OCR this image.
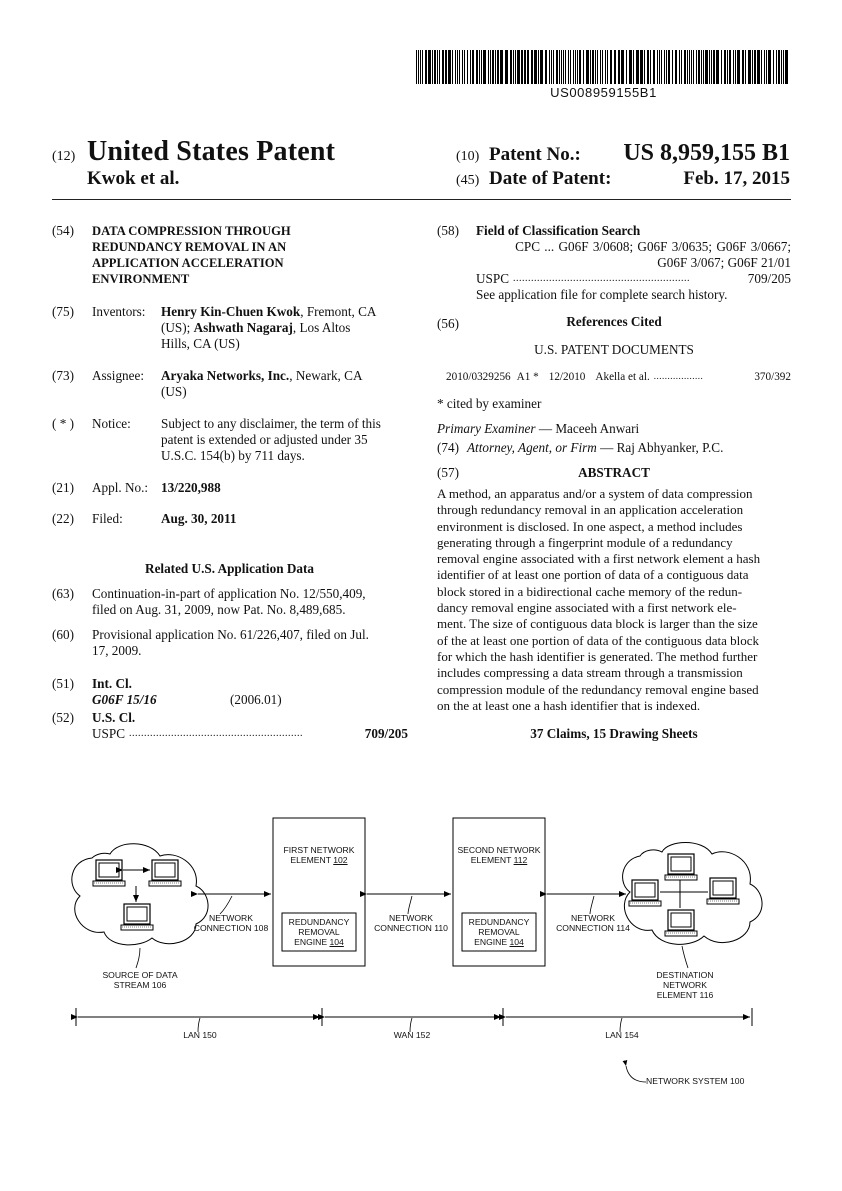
US008959155B1
(12) United States Patent
Kwok et al.
(10) Patent No.: US 8,959,155 B1
(45) Date of Patent:	Feb. 17, 2015
(54) DATA COMPRESSION THROUGH
REDUNDANCY REMOVAL IN AN
APPLICATION ACCELERATION
ENVIRONMENT
(75) Inventors: Henry Kin-Chuen Kwok, Fremont, CA
(US); Ashwath Nagaraj, Los Altos
Hills, CA (US)
(73) Assignee: Aryaka Networks, Inc., Newark, CA
(US)
( * ) Notice: Subject to any disclaimer, the term of this
patent is extended or adjusted under 35
U.S.C. 154(b) by 711 days.
(21) Appl. No.: 13/220,988
(22) Filed:	Aug. 30, 2011
Related U.S. Application Data
(63) Continuation-in-part of application No. 12/550,409,
filed on Aug. 31, 2009, now Pat. No. 8,489,685.
(60) Provisional application No. 61/226,407, filed on Jul.
17, 2009.
(51) Int. Cl.
G06F 15/16	(2006.01)
(52) U.S. Cl.
USPC ..........................................................	709/205
(58) Field of Classification Search
CPC ... G06F 3/0608; G06F 3/0635; G06F 3/0667;
G06F 3/067; G06F 21/01
USPC ...........................................................	709/205
See application file for complete search history.
(56)	References Cited
U.S. PATENT DOCUMENTS
2010/0329256 A1 * 12/2010 Akella et al. ..................	370/392
* cited by examiner
Primary Examiner — Maceeh Anwari
(74) Attorney, Agent, or Firm — Raj Abhyanker, P.C.
(57)	ABSTRACT
A method, an apparatus and/or a system of data compression
through redundancy removal in an application acceleration
environment is disclosed. In one aspect, a method includes
generating through a fingerprint module of a redundancy
removal engine associated with a first network element a hash
identifier of at least one portion of data of a contiguous data
block stored in a bidirectional cache memory of the redun-
dancy removal engine associated with a first network ele-
ment. The size of contiguous data block is larger than the size
of the at least one portion of data of the contiguous data block
for which the hash identifier is generated. The method further
includes compressing a data stream through a transmission
compression module of the redundancy removal engine based
on the at least one a hash identifier that is indexed.
37 Claims, 15 Drawing Sheets
FIRST NETWORK
ELEMENT 102
REDUNDANCY
REMOVAL
ENGINE 104
SECOND NETWORK
ELEMENT 112
REDUNDANCY
REMOVAL
ENGINE 104
NETWORK
CONNECTION 108
NETWORK
CONNECTION 110
NETWORK
CONNECTION 114
SOURCE OF DATA
STREAM 106
DESTINATION
NETWORK
ELEMENT 116
LAN 150	WAN 152	LAN 154
NETWORK SYSTEM 100
